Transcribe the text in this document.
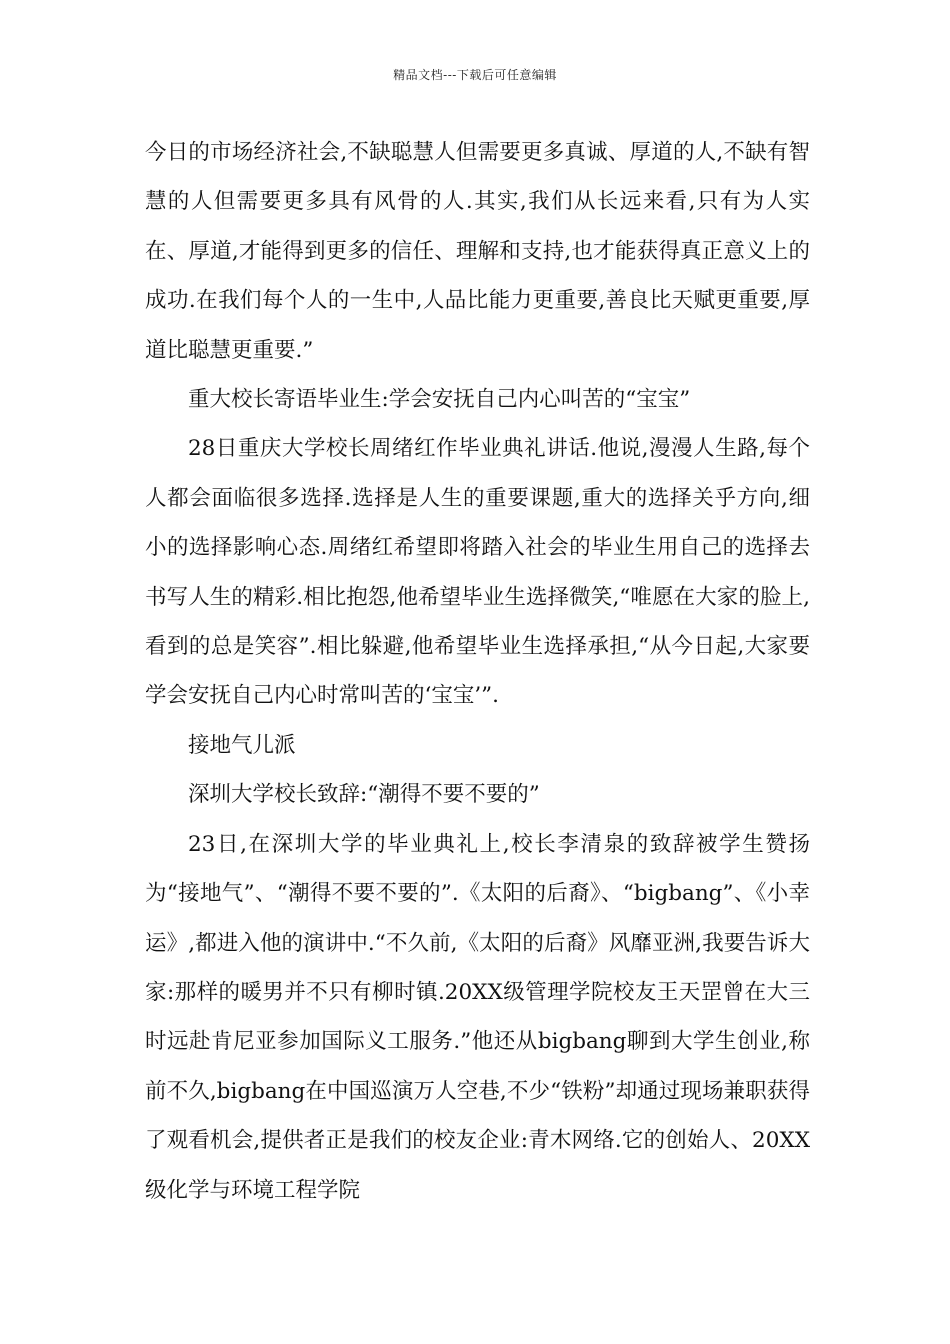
精品文档---下载后可任意编辑

今日的市场经济社会,不缺聪慧人但需要更多真诚、厚道的人,不缺有智慧的人但需要更多具有风骨的人.其实,我们从长远来看,只有为人实在、厚道,才能得到更多的信任、理解和支持,也才能获得真正意义上的成功.在我们每个人的一生中,人品比能力更重要,善良比天赋更重要,厚道比聪慧更重要.”

重大校长寄语毕业生:学会安抚自己内心叫苦的“宝宝”

28日重庆大学校长周绪红作毕业典礼讲话.他说,漫漫人生路,每个人都会面临很多选择.选择是人生的重要课题,重大的选择关乎方向,细小的选择影响心态.周绪红希望即将踏入社会的毕业生用自己的选择去书写人生的精彩.相比抱怨,他希望毕业生选择微笑,“唯愿在大家的脸上,看到的总是笑容”.相比躲避,他希望毕业生选择承担,“从今日起,大家要学会安抚自己内心时常叫苦的‘宝宝’”.

接地气儿派

深圳大学校长致辞:“潮得不要不要的”

23日,在深圳大学的毕业典礼上,校长李清泉的致辞被学生赞扬为“接地气”、“潮得不要不要的”.《太阳的后裔》、“bigbang”、《小幸运》,都进入他的演讲中.“不久前,《太阳的后裔》风靡亚洲,我要告诉大家:那样的暖男并不只有柳时镇.20XX级管理学院校友王天罡曾在大三时远赴肯尼亚参加国际义工服务.”他还从bigbang聊到大学生创业,称前不久,bigbang在中国巡演万人空巷,不少“铁粉”却通过现场兼职获得了观看机会,提供者正是我们的校友企业:青木网络.它的创始人、20XX级化学与环境工程学院
